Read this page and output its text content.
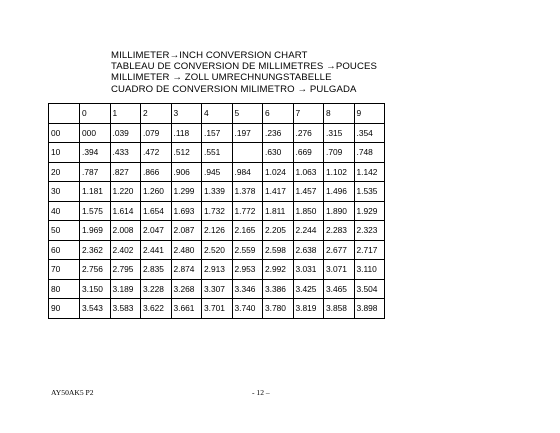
MILLIMETER→INCH CONVERSION CHART
TABLEAU DE CONVERSION DE MILLIMETRES →POUCES
MILLIMETER → ZOLL UMRECHNUNGSTABELLE
CUADRO DE CONVERSION MILIMETRO → PULGADA
	0	1	2	3	4	5	6	7	8	9
00	000	.039	.079	.118	.157	.197	.236	.276	.315	.354
10	.394	.433	.472	.512	.551		.630	.669	.709	.748
20	.787	.827	.866	.906	.945	.984	1.024	1.063	1.102	1.142
30	1.181	1.220	1.260	1.299	1.339	1.378	1.417	1.457	1.496	1.535
40	1.575	1.614	1.654	1.693	1.732	1.772	1.811	1.850	1.890	1.929
50	1.969	2.008	2.047	2.087	2.126	2.165	2.205	2.244	2.283	2.323
60	2.362	2.402	2.441	2.480	2.520	2.559	2.598	2.638	2.677	2.717
70	2.756	2.795	2.835	2.874	2.913	2.953	2.992	3.031	3.071	3.110
80	3.150	3.189	3.228	3.268	3.307	3.346	3.386	3.425	3.465	3.504
90	3.543	3.583	3.622	3.661	3.701	3.740	3.780	3.819	3.858	3.898
AY50AK5 P2	- 12 –
